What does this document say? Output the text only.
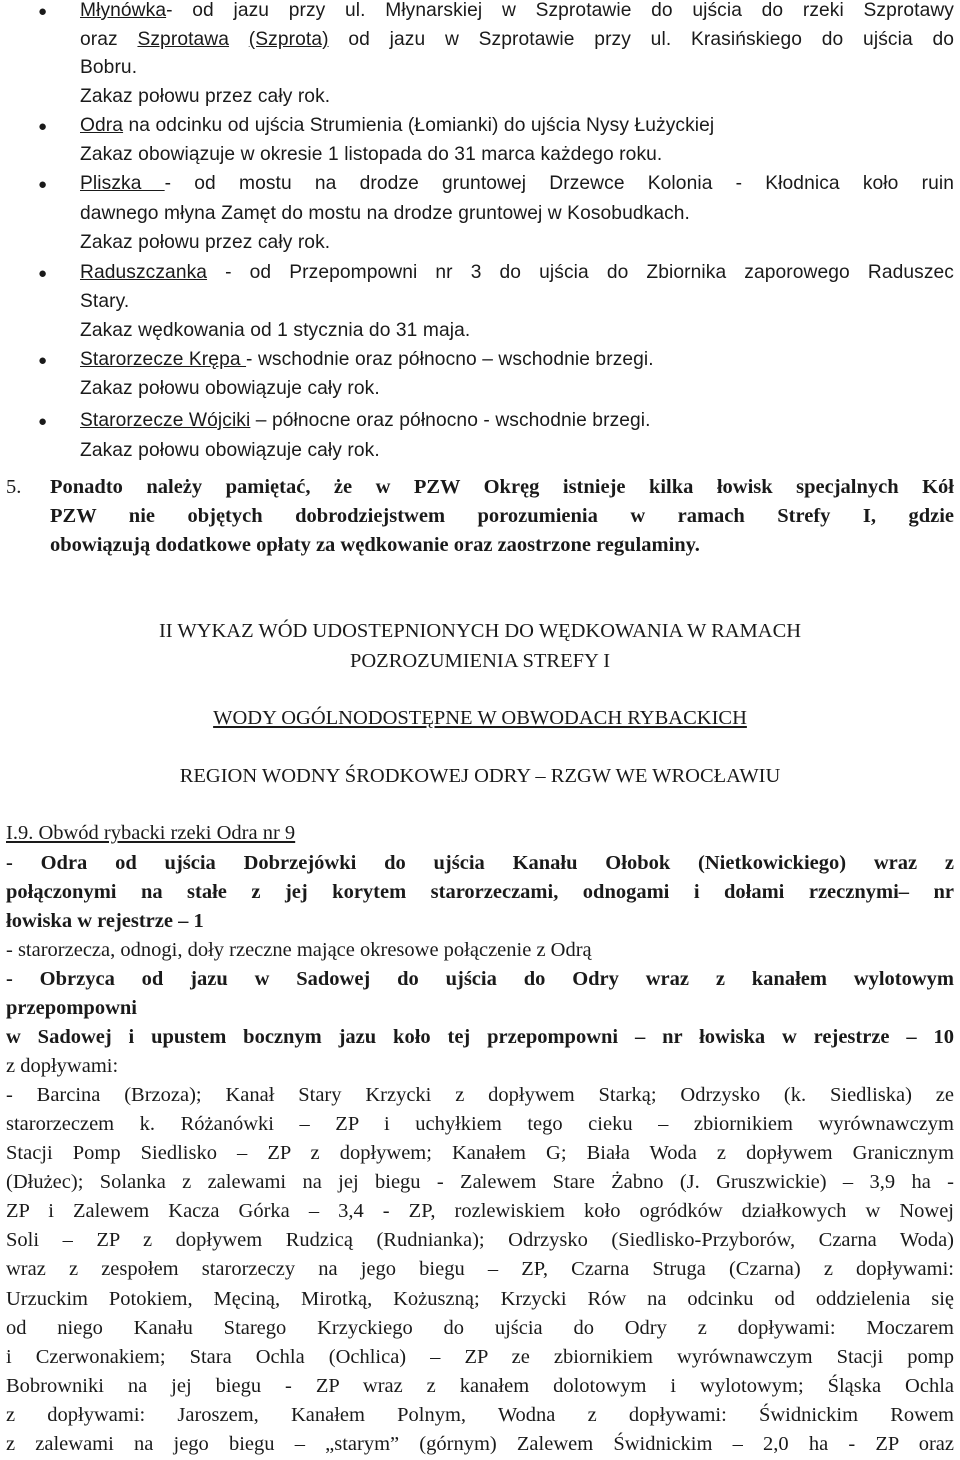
● Młynówka- od jazu przy ul. Młynarskiej w Szprotawie do ujścia do rzeki Szprotawy
oraz Szprotawa (Szprota) od jazu w Szprotawie przy ul. Krasińskiego do ujścia do
Bobru.
Zakaz połowu przez cały rok.
● Odra na odcinku od ujścia Strumienia (Łomianki) do ujścia Nysy Łużyckiej
Zakaz obowiązuje w okresie 1 listopada do 31 marca każdego roku.
● Pliszka - od mostu na drodze gruntowej Drzewce Kolonia - Kłodnica koło ruin
dawnego młyna Zamęt do mostu na drodze gruntowej w Kosobudkach.
Zakaz połowu przez cały rok.
● Raduszczanka - od Przepompowni nr 3 do ujścia do Zbiornika zaporowego Raduszec
Stary.
Zakaz wędkowania od 1 stycznia do 31 maja.
● Starorzecze Krępa - wschodnie oraz północno – wschodnie brzegi.
Zakaz połowu obowiązuje cały rok.
● Starorzecze Wójciki – północne oraz północno - wschodnie brzegi.
Zakaz połowu obowiązuje cały rok.
5. Ponadto należy pamiętać, że w PZW Okręg istnieje kilka łowisk specjalnych Kół
PZW nie objętych dobrodziejstwem porozumienia w ramach Strefy I, gdzie
obowiązują dodatkowe opłaty za wędkowanie oraz zaostrzone regulaminy.
II WYKAZ WÓD UDOSTEPNIONYCH DO WĘDKOWANIA W RAMACH
POZROZUMIENIA STREFY I
WODY OGÓLNODOSTĘPNE W OBWODACH RYBACKICH
REGION WODNY ŚRODKOWEJ ODRY – RZGW WE WROCŁAWIU
I.9. Obwód rybacki rzeki Odra nr 9
- Odra od ujścia Dobrzejówki do ujścia Kanału Ołobok (Nietkowickiego) wraz z
połączonymi na stałe z jej korytem starorzeczami, odnogami i dołami rzecznymi– nr
łowiska w rejestrze – 1
- starorzecza, odnogi, doły rzeczne mające okresowe połączenie z Odrą
- Obrzyca od jazu w Sadowej do ujścia do Odry wraz z kanałem wylotowym
przepompowni
w Sadowej i upustem bocznym jazu koło tej przepompowni – nr łowiska w rejestrze – 10
z dopływami:
- Barcina (Brzoza); Kanał Stary Krzycki z dopływem Starką; Odrzysko (k. Siedliska) ze
starorzeczem k. Różanówki – ZP i uchyłkiem tego cieku – zbiornikiem wyrównawczym
Stacji Pomp Siedlisko – ZP z dopływem; Kanałem G; Biała Woda z dopływem Granicznym
(Dłużec); Solanka z zalewami na jej biegu - Zalewem Stare Żabno (J. Gruszwickie) – 3,9 ha -
ZP i Zalewem Kacza Górka – 3,4 - ZP, rozlewiskiem koło ogródków działkowych w Nowej
Soli – ZP z dopływem Rudzicą (Rudnianka); Odrzysko (Siedlisko-Przyborów, Czarna Woda)
wraz z zespołem starorzeczy na jego biegu – ZP, Czarna Struga (Czarna) z dopływami:
Urzuckim Potokiem, Męciną, Mirotką, Kożuszną; Krzycki Rów na odcinku od oddzielenia się
od niego Kanału Starego Krzyckiego do ujścia do Odry z dopływami: Moczarem
i Czerwonakiem; Stara Ochla (Ochlica) – ZP ze zbiornikiem wyrównawczym Stacji pomp
Bobrowniki na jej biegu - ZP wraz z kanałem dolotowym i wylotowym; Śląska Ochla
z dopływami: Jaroszem, Kanałem Polnym, Wodna z dopływami: Świdnickim Rowem
z zalewami na jego biegu – „starym” (górnym) Zalewem Świdnickim – 2,0 ha - ZP oraz
